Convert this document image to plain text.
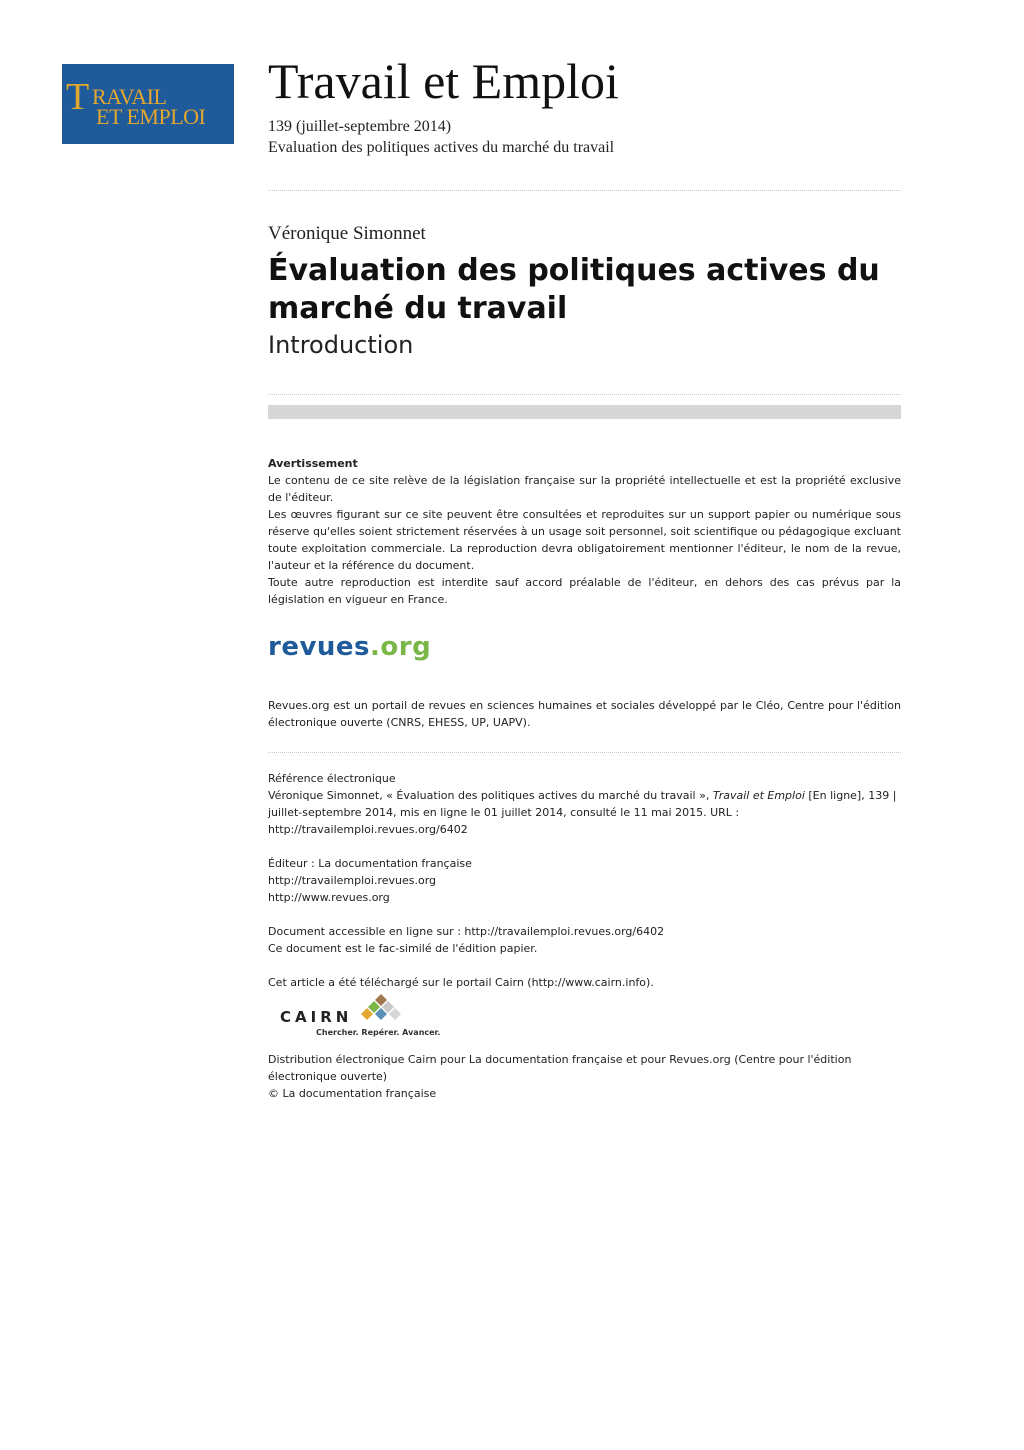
T RAVAIL
ET EMPLOI
Travail et Emploi
139 (juillet-septembre 2014)
Evaluation des politiques actives du marché du travail
Véronique Simonnet
Évaluation des politiques actives du marché du travail
Introduction
Avertissement

Le contenu de ce site relève de la législation française sur la propriété intellectuelle et est la propriété exclusive de l'éditeur.

Les œuvres figurant sur ce site peuvent être consultées et reproduites sur un support papier ou numérique sous réserve qu'elles soient strictement réservées à un usage soit personnel, soit scientifique ou pédagogique excluant toute exploitation commerciale. La reproduction devra obligatoirement mentionner l'éditeur, le nom de la revue, l'auteur et la référence du document.

Toute autre reproduction est interdite sauf accord préalable de l'éditeur, en dehors des cas prévus par la législation en vigueur en France.

revues.org
Revues.org est un portail de revues en sciences humaines et sociales développé par le Cléo, Centre pour l'édition électronique ouverte (CNRS, EHESS, UP, UAPV).

Référence électronique

Véronique Simonnet, « Évaluation des politiques actives du marché du travail », Travail et Emploi [En ligne], 139 | juillet-septembre 2014, mis en ligne le 01 juillet 2014, consulté le 11 mai 2015. URL : http://travailemploi.revues.org/6402

Éditeur : La documentation française

http://travailemploi.revues.org

http://www.revues.org

Document accessible en ligne sur : http://travailemploi.revues.org/6402

Ce document est le fac-similé de l'édition papier.

Cet article a été téléchargé sur le portail Cairn (http://www.cairn.info).

CAIRN
Chercher. Repérer. Avancer.

Distribution électronique Cairn pour La documentation française et pour Revues.org (Centre pour l'édition électronique ouverte)

© La documentation française
